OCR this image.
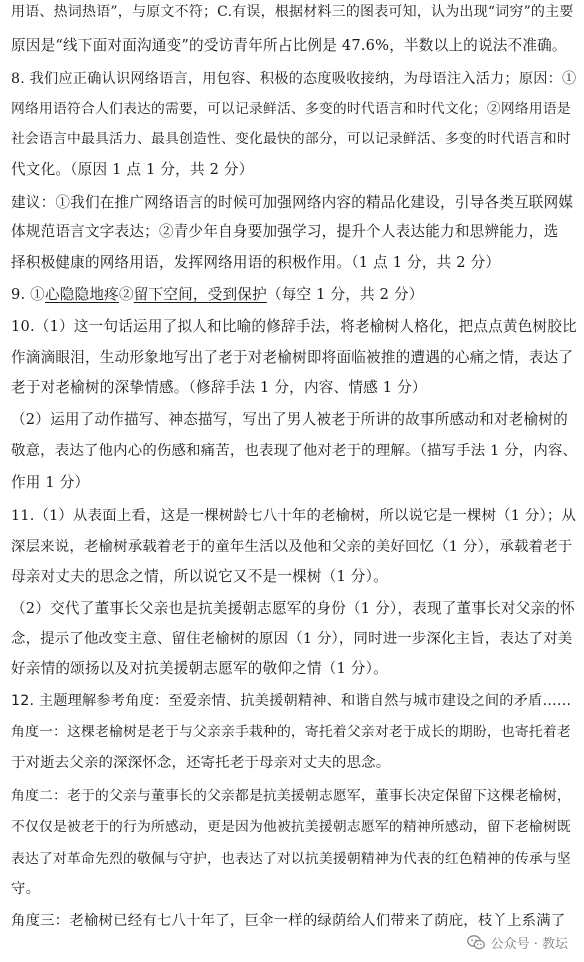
用语、热词热语”，与原文不符；C.有误，根据材料三的图表可知，认为出现“词穷”的主要
原因是“线下面对面沟通变”的受访青年所占比例是 47.6%，半数以上的说法不准确。
8. 我们应正确认识网络语言，用包容、积极的态度吸收接纳，为母语注入活力；原因：①
网络用语符合人们表达的需要，可以记录鲜活、多变的时代语言和时代文化；②网络用语是
社会语言中最具活力、最具创造性、变化最快的部分，可以记录鲜活、多变的时代语言和时
代文化。（原因 1 点 1 分，共 2 分）
建议：①我们在推广网络语言的时候可加强网络内容的精品化建设，引导各类互联网媒
体规范语言文字表达；②青少年自身要加强学习，提升个人表达能力和思辨能力，选
择积极健康的网络用语，发挥网络用语的积极作用。（1 点 1 分，共 2 分）
9. ①心隐隐地疼②留下空间，受到保护（每空 1 分，共 2 分）
10.（1）这一句话运用了拟人和比喻的修辞手法，将老榆树人格化，把点点黄色树胶比
作滴滴眼泪，生动形象地写出了老于对老榆树即将面临被推的遭遇的心痛之情，表达了
老于对老榆树的深挚情感。（修辞手法 1 分，内容、情感 1 分）
（2）运用了动作描写、神态描写，写出了男人被老于所讲的故事所感动和对老榆树的
敬意，表达了他内心的伤感和痛苦，也表现了他对老于的理解。（描写手法 1 分，内容、
作用 1 分）
11.（1）从表面上看，这是一棵树龄七八十年的老榆树，所以说它是一棵树（1 分）；从
深层来说，老榆树承载着老于的童年生活以及他和父亲的美好回忆（1 分），承载着老于
母亲对丈夫的思念之情，所以说它又不是一棵树（1 分）。
（2）交代了董事长父亲也是抗美援朝志愿军的身份（1 分），表现了董事长对父亲的怀
念，提示了他改变主意、留住老榆树的原因（1 分），同时进一步深化主旨，表达了对美
好亲情的颂扬以及对抗美援朝志愿军的敬仰之情（1 分）。
12. 主题理解参考角度：至爱亲情、抗美援朝精神、和谐自然与城市建设之间的矛盾……
角度一：这棵老榆树是老于与父亲亲手栽种的，寄托着父亲对老于成长的期盼，也寄托着老
于对逝去父亲的深深怀念，还寄托老于母亲对丈夫的思念。
角度二：老于的父亲与董事长的父亲都是抗美援朝志愿军，董事长决定保留下这棵老榆树，
不仅仅是被老于的行为所感动，更是因为他被抗美援朝志愿军的精神所感动，留下老榆树既
表达了对革命先烈的敬佩与守护，也表达了对以抗美援朝精神为代表的红色精神的传承与坚
守。
角度三：老榆树已经有七八十年了，巨伞一样的绿荫给人们带来了荫庇，枝丫上系满了
公众号 · 教坛
